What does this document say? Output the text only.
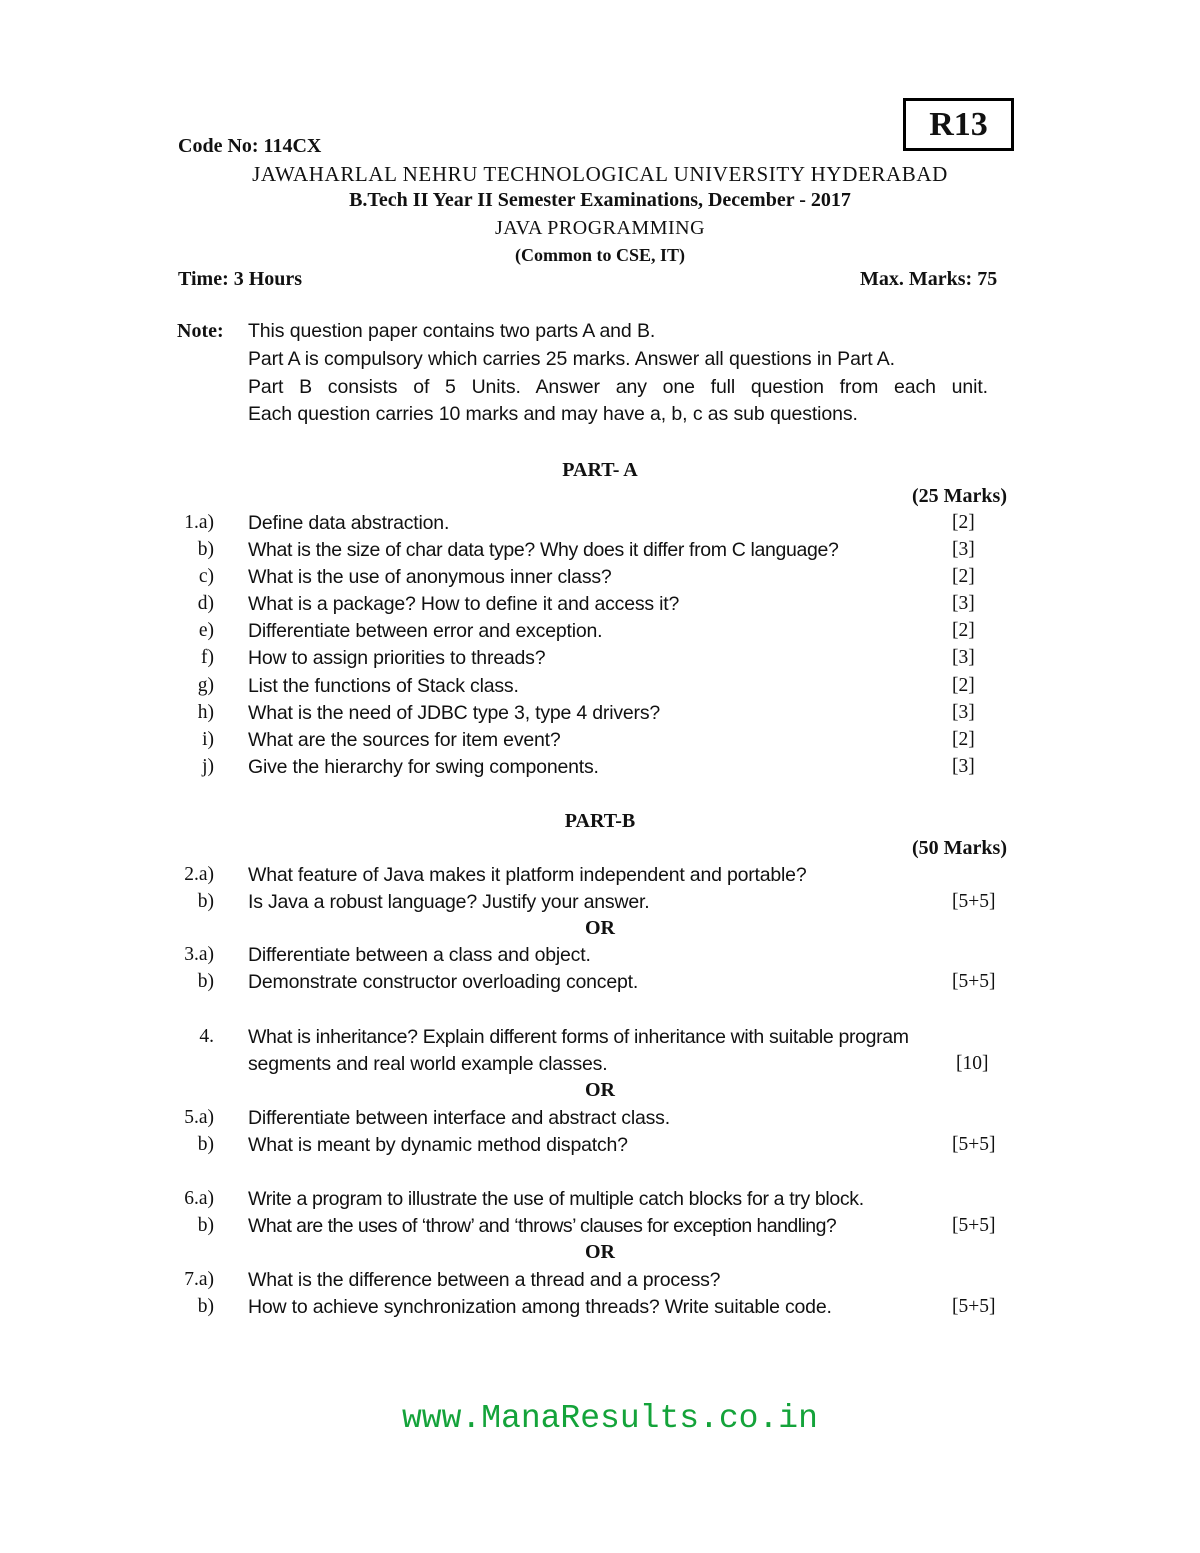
R13
Code No: 114CX
JAWAHARLAL NEHRU TECHNOLOGICAL UNIVERSITY HYDERABAD
B.Tech II Year II Semester Examinations, December - 2017
JAVA PROGRAMMING
(Common to CSE, IT)
Time: 3 Hours	Max. Marks: 75
Note: This question paper contains two parts A and B.
Part A is compulsory which carries 25 marks. Answer all questions in Part A.
Part B consists of 5 Units. Answer any one full question from each unit.
Each question carries 10 marks and may have a, b, c as sub questions.
PART- A
(25 Marks)
1.a) Define data abstraction.	[2]
b) What is the size of char data type? Why does it differ from C language?	[3]
c) What is the use of anonymous inner class?	[2]
d) What is a package? How to define it and access it?	[3]
e) Differentiate between error and exception.	[2]
f) How to assign priorities to threads?	[3]
g) List the functions of Stack class.	[2]
h) What is the need of JDBC type 3, type 4 drivers?	[3]
i) What are the sources for item event?	[2]
j) Give the hierarchy for swing components.	[3]
PART-B
(50 Marks)
2.a) What feature of Java makes it platform independent and portable?
b) Is Java a robust language? Justify your answer.	[5+5]
OR
3.a) Differentiate between a class and object.
b) Demonstrate constructor overloading concept.	[5+5]
4. What is inheritance? Explain different forms of inheritance with suitable program
segments and real world example classes.	[10]
OR
5.a) Differentiate between interface and abstract class.
b) What is meant by dynamic method dispatch?	[5+5]
6.a) Write a program to illustrate the use of multiple catch blocks for a try block.
b) What are the uses of ‘throw’ and ‘throws’ clauses for exception handling?	[5+5]
OR
7.a) What is the difference between a thread and a process?
b) How to achieve synchronization among threads? Write suitable code.	[5+5]
www.ManaResults.co.in
